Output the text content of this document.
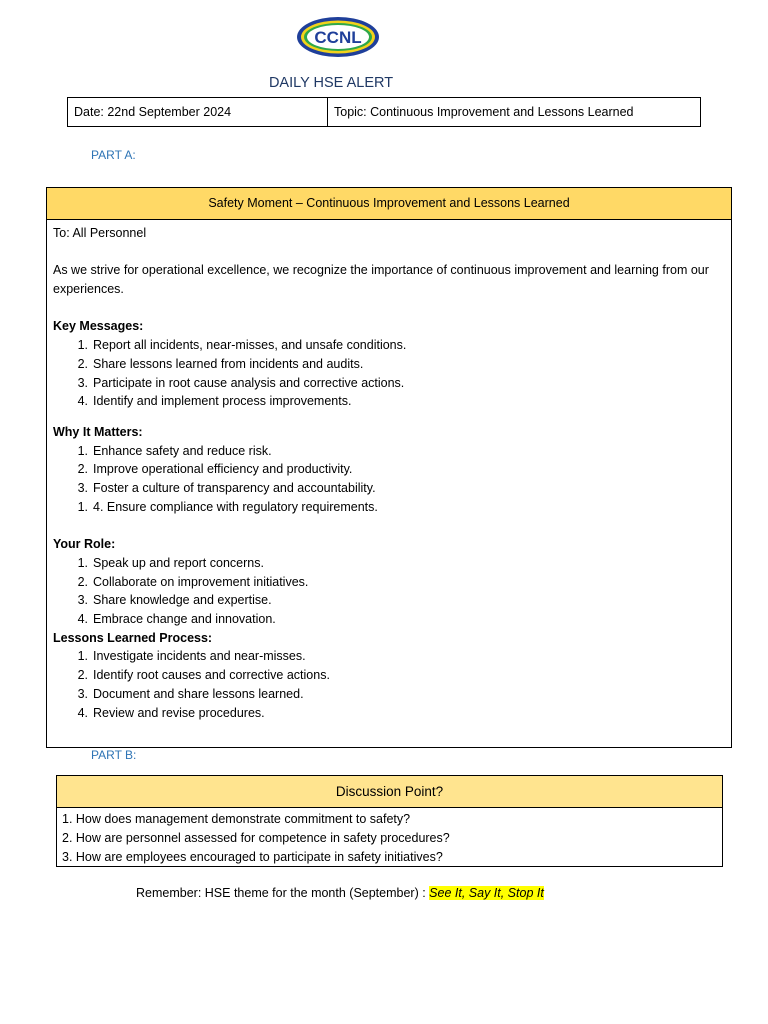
CCNL
DAILY HSE ALERT
Date: 22nd September 2024	Topic: Continuous Improvement and Lessons Learned
PART A:
Safety Moment – Continuous Improvement and Lessons Learned

To: All Personnel

As we strive for operational excellence, we recognize the importance of continuous improvement and learning from our experiences.

Key Messages:

1. Report all incidents, near-misses, and unsafe conditions.
2. Share lessons learned from incidents and audits.
3. Participate in root cause analysis and corrective actions.
4. Identify and implement process improvements.

Why It Matters:

1. Enhance safety and reduce risk.
2. Improve operational efficiency and productivity.
3. Foster a culture of transparency and accountability.
1. 4. Ensure compliance with regulatory requirements.

Your Role:

1. Speak up and report concerns.
2. Collaborate on improvement initiatives.
3. Share knowledge and expertise.
4. Embrace change and innovation.

Lessons Learned Process:

1. Investigate incidents and near-misses.
2. Identify root causes and corrective actions.
3. Document and share lessons learned.
4. Review and revise procedures.
PART B:
Discussion Point?
1. How does management demonstrate commitment to safety?
2. How are personnel assessed for competence in safety procedures?
3. How are employees encouraged to participate in safety initiatives?
Remember: HSE theme for the month (September) : See It, Say It, Stop It
